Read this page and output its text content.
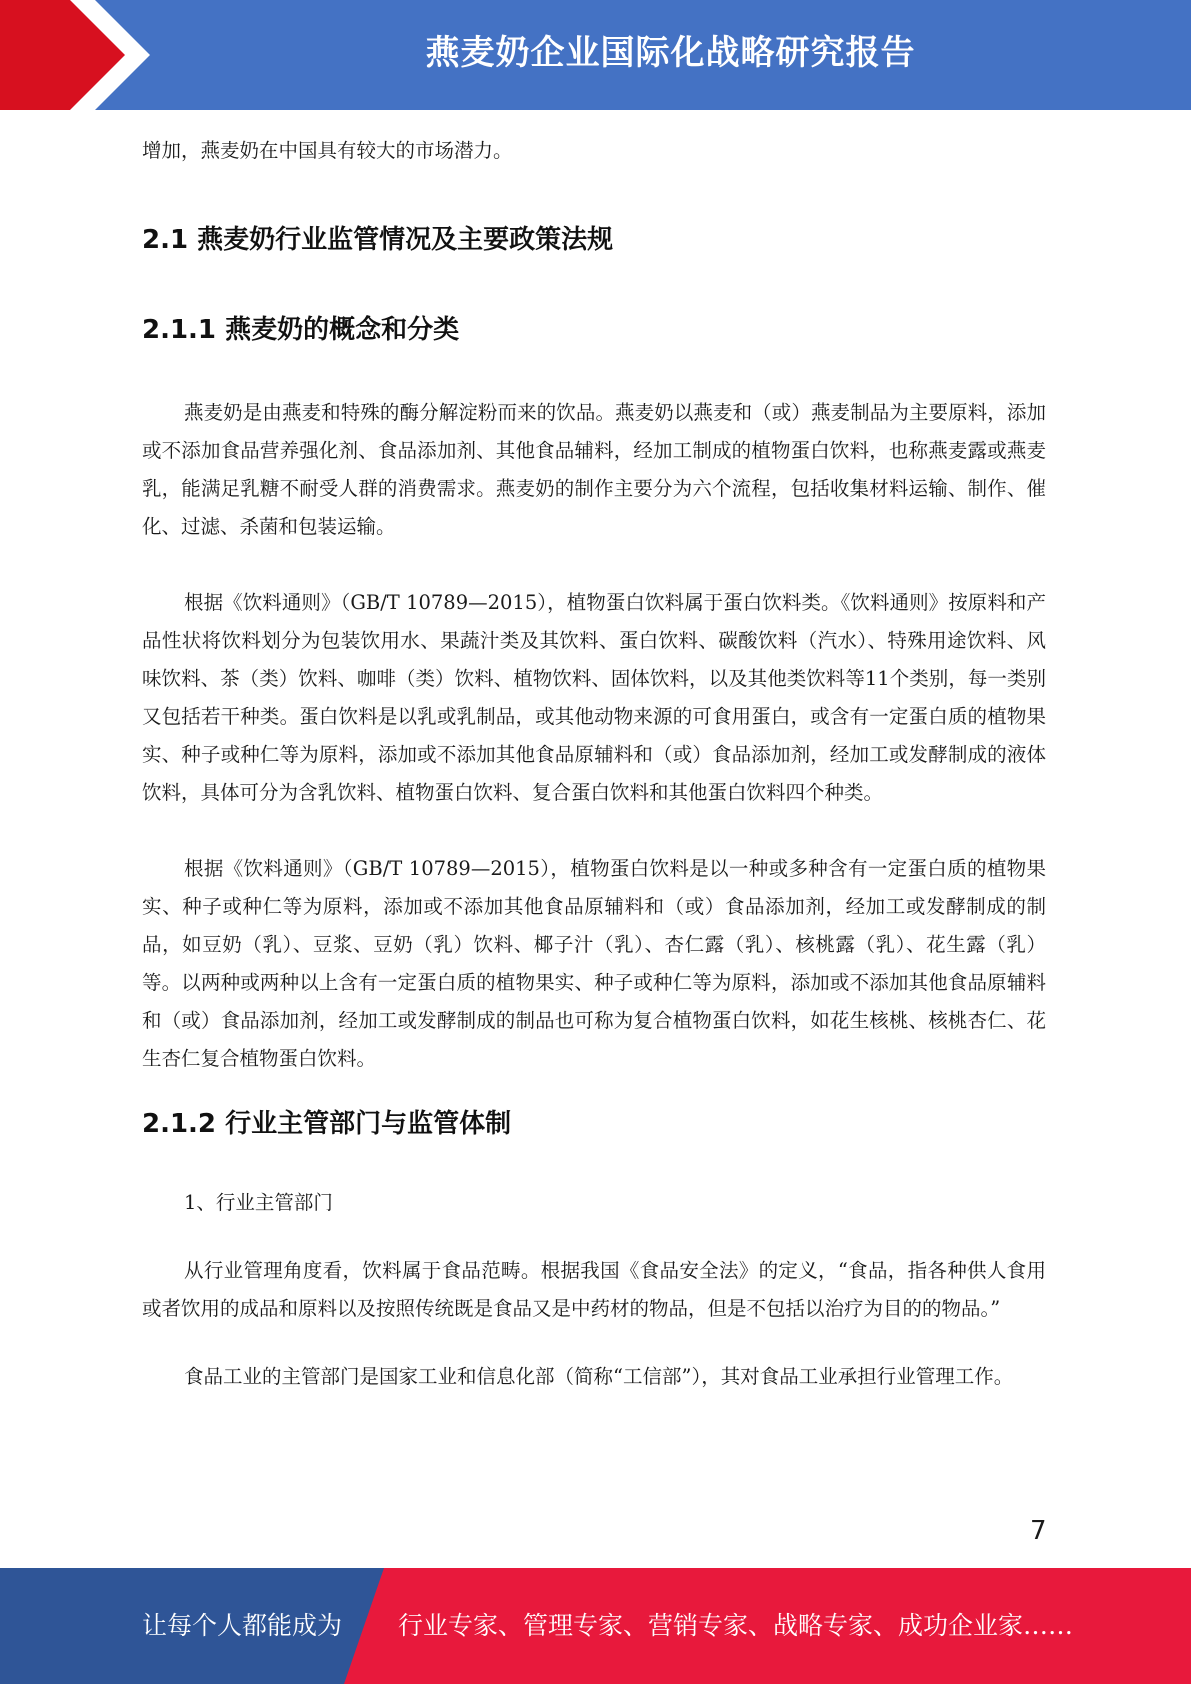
燕麦奶企业国际化战略研究报告

增加，燕麦奶在中国具有较大的市场潜力。

2.1 燕麦奶行业监管情况及主要政策法规
2.1.1 燕麦奶的概念和分类

燕麦奶是由燕麦和特殊的酶分解淀粉而来的饮品。燕麦奶以燕麦和（或）燕麦制品为主要原料，添加或不添加食品营养强化剂、食品添加剂、其他食品辅料，经加工制成的植物蛋白饮料，也称燕麦露或燕麦乳，能满足乳糖不耐受人群的消费需求。燕麦奶的制作主要分为六个流程，包括收集材料运输、制作、催化、过滤、杀菌和包装运输。

根据《饮料通则》（GB/T 10789—2015），植物蛋白饮料属于蛋白饮料类。《饮料通则》按原料和产品性状将饮料划分为包装饮用水、果蔬汁类及其饮料、蛋白饮料、碳酸饮料（汽水）、特殊用途饮料、风味饮料、茶（类）饮料、咖啡（类）饮料、植物饮料、固体饮料，以及其他类饮料等11个类别，每一类别又包括若干种类。蛋白饮料是以乳或乳制品，或其他动物来源的可食用蛋白，或含有一定蛋白质的植物果实、种子或种仁等为原料，添加或不添加其他食品原辅料和（或）食品添加剂，经加工或发酵制成的液体饮料，具体可分为含乳饮料、植物蛋白饮料、复合蛋白饮料和其他蛋白饮料四个种类。

根据《饮料通则》（GB/T 10789—2015），植物蛋白饮料是以一种或多种含有一定蛋白质的植物果实、种子或种仁等为原料，添加或不添加其他食品原辅料和（或）食品添加剂，经加工或发酵制成的制品，如豆奶（乳）、豆浆、豆奶（乳）饮料、椰子汁（乳）、杏仁露（乳）、核桃露（乳）、花生露（乳）等。以两种或两种以上含有一定蛋白质的植物果实、种子或种仁等为原料，添加或不添加其他食品原辅料和（或）食品添加剂，经加工或发酵制成的制品也可称为复合植物蛋白饮料，如花生核桃、核桃杏仁、花生杏仁复合植物蛋白饮料。

2.1.2 行业主管部门与监管体制

1、行业主管部门

从行业管理角度看，饮料属于食品范畴。根据我国《食品安全法》的定义，“食品，指各种供人食用或者饮用的成品和原料以及按照传统既是食品又是中药材的物品，但是不包括以治疗为目的的物品。”

食品工业的主管部门是国家工业和信息化部（简称“工信部”），其对食品工业承担行业管理工作。

7
让每个人都能成为 行业专家、管理专家、营销专家、战略专家、成功企业家……
